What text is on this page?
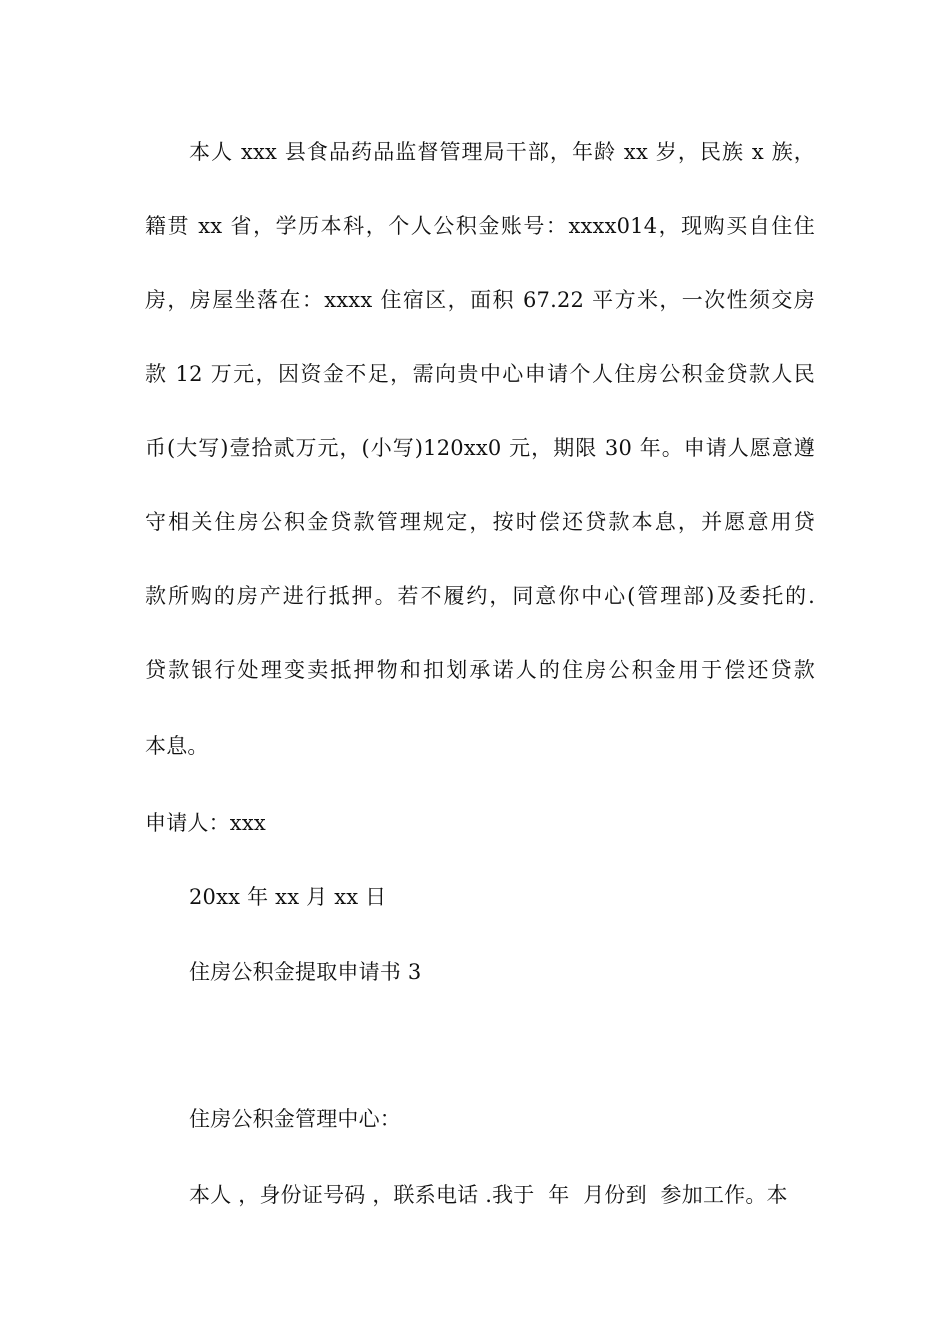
本人 xxx 县食品药品监督管理局干部，年龄 xx 岁，民族 x 族，
籍贯 xx 省，学历本科，个人公积金账号：xxxx014，现购买自住住
房，房屋坐落在：xxxx 住宿区，面积 67.22 平方米，一次性须交房
款 12 万元，因资金不足，需向贵中心申请个人住房公积金贷款人民
币(大写)壹拾贰万元，(小写)120xx0 元，期限 30 年。申请人愿意遵
守相关住房公积金贷款管理规定，按时偿还贷款本息，并愿意用贷
款所购的房产进行抵押。若不履约，同意你中心(管理部)及委托的.
贷款银行处理变卖抵押物和扣划承诺人的住房公积金用于偿还贷款
本息。
申请人：xxx
20xx 年 xx 月 xx 日
住房公积金提取申请书 3
住房公积金管理中心：
本人 ，身份证号码 ，联系电话 .我于  年  月份到  参加工作。本
